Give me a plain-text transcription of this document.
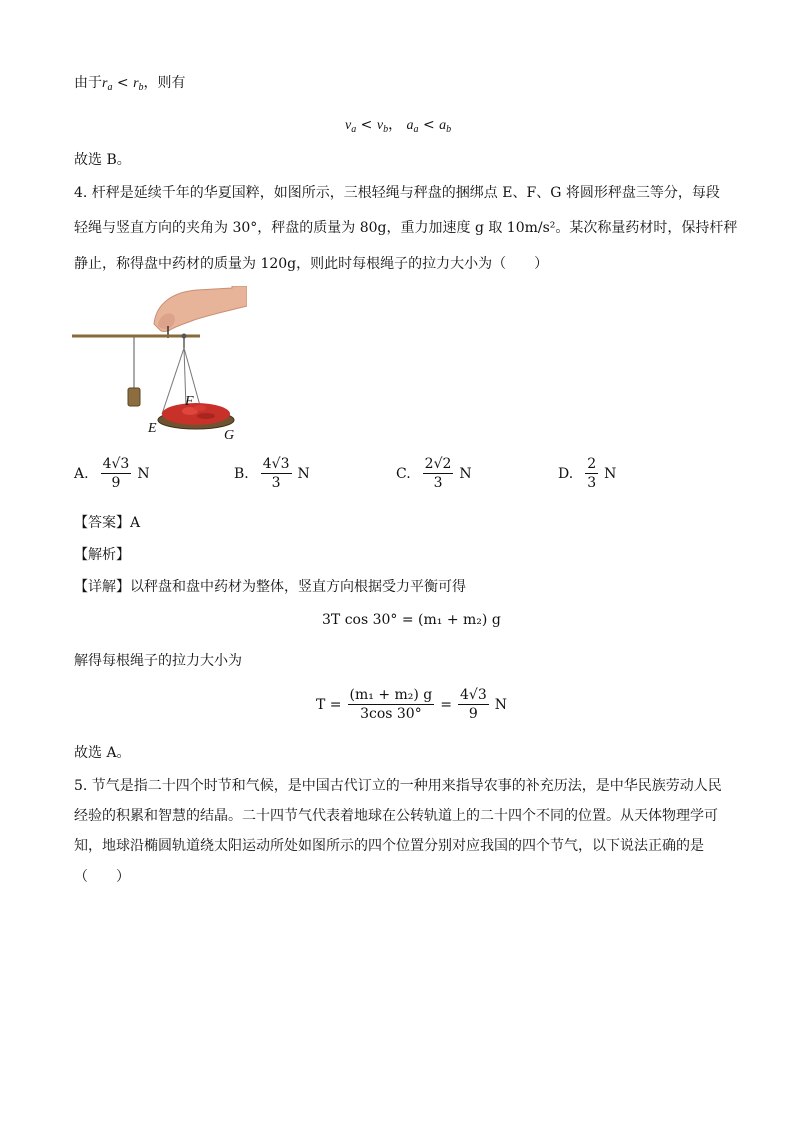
由于$r_a < r_b$，则有
$v_a < v_b$， $a_a < a_b$
故选 B。
4. 杆秤是延续千年的华夏国粹，如图所示，三根轻绳与秤盘的捆绑点 E、F、G 将圆形秤盘三等分，每段
轻绳与竖直方向的夹角为 30°，秤盘的质量为 80g，重力加速度 g 取 10m/s²。某次称量药材时，保持杆秤
静止，称得盘中药材的质量为 120g，则此时每根绳子的拉力大小为（　　）
F
E	G
A. $\frac{4√3}{9}$ N	B. $\frac{4√3}{3}$ N	C. $\frac{2√2}{3}$ N	D. $\frac{2}{3}$ N
【答案】A
【解析】
【详解】以秤盘和盘中药材为整体，竖直方向根据受力平衡可得
3T cos 30° = (m₁ + m₂) g
解得每根绳子的拉力大小为
$T = \frac{\text{(m₁ + m₂) g}}{3\cos 30^\circ} = \frac{4√3}{9}$ N
故选 A。
5. 节气是指二十四个时节和气候，是中国古代订立的一种用来指导农事的补充历法，是中华民族劳动人民
经验的积累和智慧的结晶。二十四节气代表着地球在公转轨道上的二十四个不同的位置。从天体物理学可
知，地球沿椭圆轨道绕太阳运动所处如图所示的四个位置分别对应我国的四个节气，以下说法正确的是
（　　）
